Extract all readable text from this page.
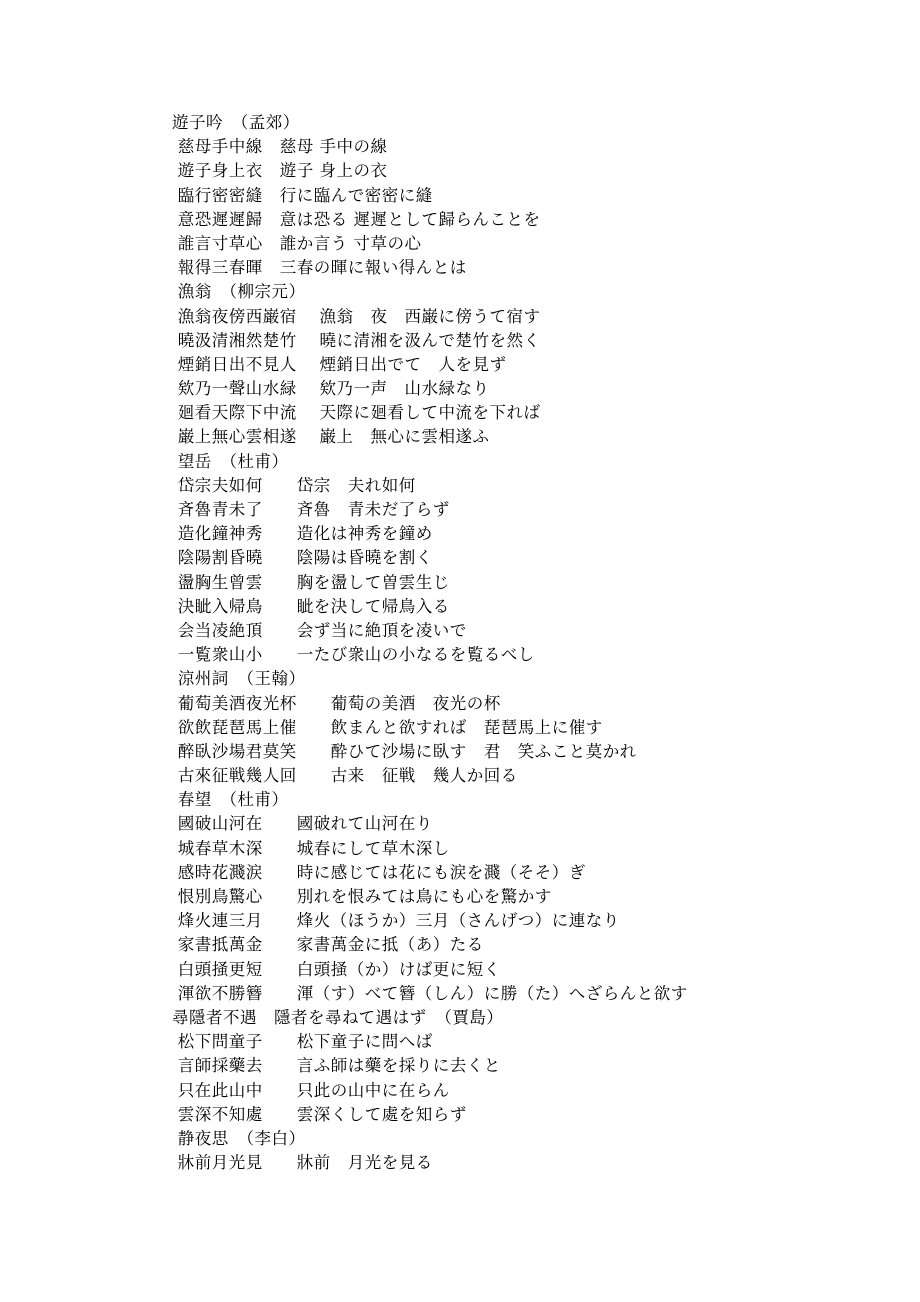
遊子吟　（孟郊）
慈母手中線　慈母 手中の線
遊子身上衣　遊子 身上の衣
臨行密密縫　行に臨んで密密に縫
意恐遲遲歸　意は恐る 遲遲として歸らんことを
誰言寸草心　誰か言う 寸草の心
報得三春暉　三春の暉に報い得んとは
漁翁　（柳宗元）
漁翁夜傍西巌宿　 漁翁　夜　西巌に傍うて宿す
曉汲清湘然楚竹　 曉に清湘を汲んで楚竹を然く
煙銷日出不見人　 煙銷日出でて　人を見ず
欸乃一聲山水緑　 欸乃一声　山水緑なり
廻看天際下中流　 天際に廻看して中流を下れば
巌上無心雲相遂　 巌上　無心に雲相遂ふ
望岳　（杜甫）
岱宗夫如何　　岱宗　夫れ如何
斉魯青未了　　斉魯　青未だ了らず
造化鐘神秀　　造化は神秀を鐘め
陰陽割昏曉　　陰陽は昏曉を割く
盪胸生曾雲　　胸を盪して曽雲生じ
決眦入帰鳥　　眦を決して帰鳥入る
会当凌絶頂　　会ず当に絶頂を凌いで
一覧衆山小　　一たび衆山の小なるを覧るべし
涼州詞　（王翰）
葡萄美酒夜光杯　　葡萄の美酒　夜光の杯
欲飲琵琶馬上催　　飲まんと欲すれば　琵琶馬上に催す
醉臥沙場君莫笑　　酔ひて沙場に臥す　君　笑ふこと莫かれ
古來征戦幾人回　　古来　征戦　幾人か回る
春望　（杜甫）
國破山河在　　國破れて山河在り
城春草木深　　城春にして草木深し
感時花濺涙　　時に感じては花にも涙を濺（そそ）ぎ
恨別鳥驚心　　別れを恨みては鳥にも心を驚かす
烽火連三月　　烽火（ほうか）三月（さんげつ）に連なり
家書抵萬金　　家書萬金に抵（あ）たる
白頭掻更短　　白頭掻（か）けば更に短く
渾欲不勝簪　　渾（す）べて簪（しん）に勝（た）へざらんと欲す
尋隱者不遇　隱者を尋ねて遇はず　（賈島）
松下問童子　　松下童子に問へば
言師採藥去　　言ふ師は藥を採りに去くと
只在此山中　　只此の山中に在らん
雲深不知處　　雲深くして處を知らず
静夜思　（李白）
牀前月光見　　牀前　月光を見る
